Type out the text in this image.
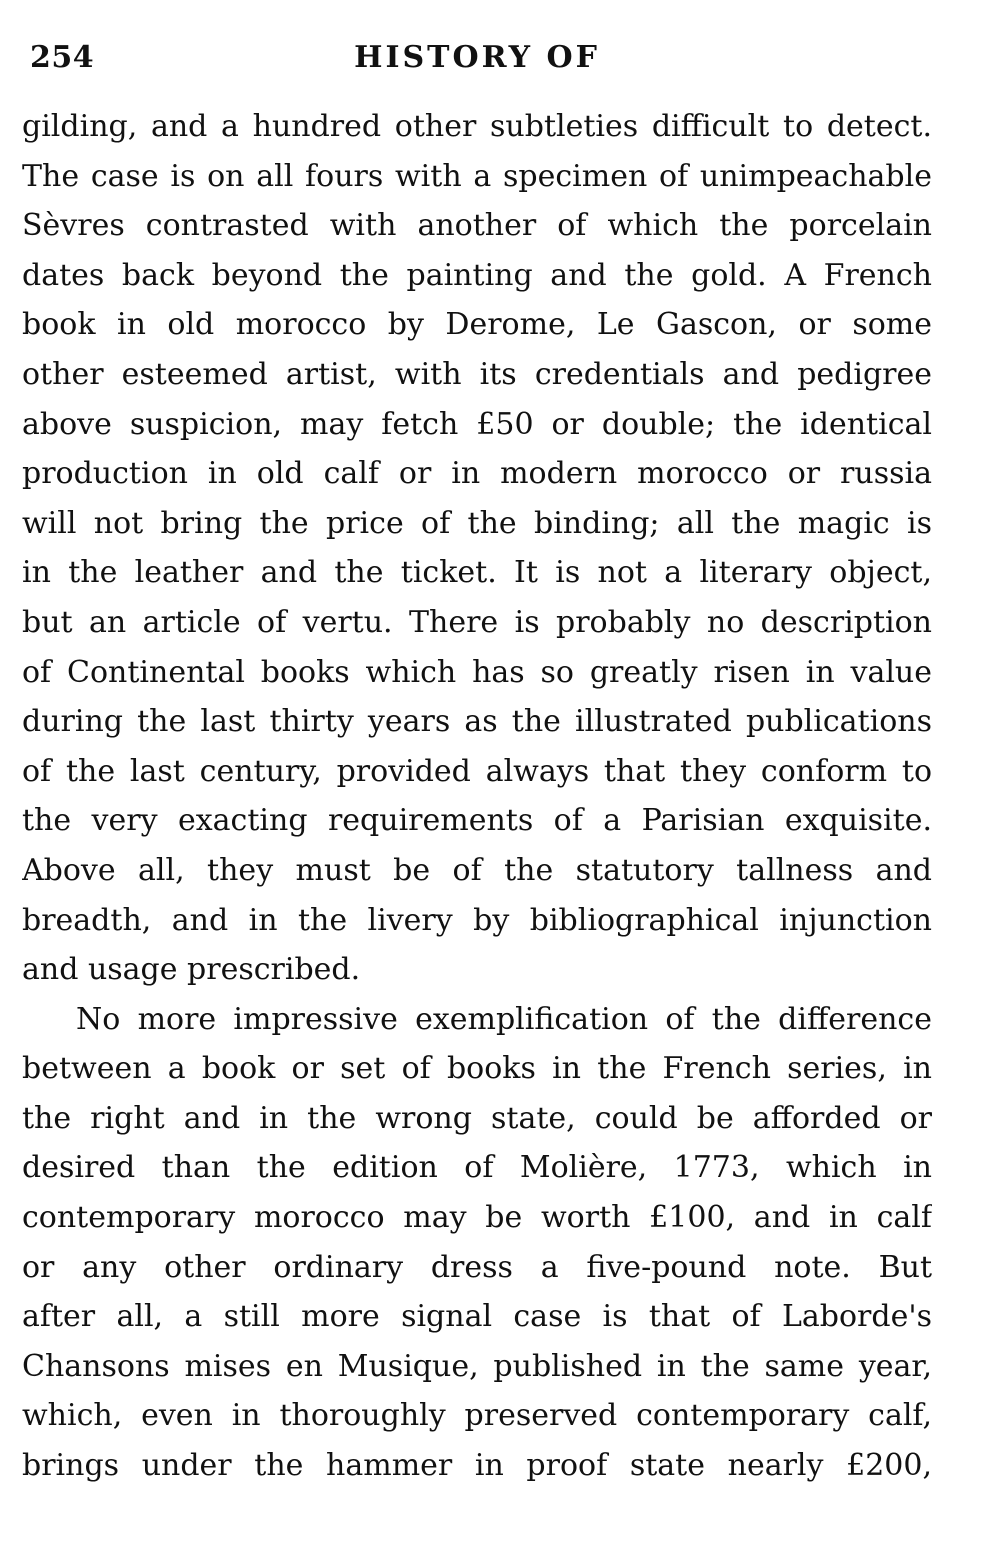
254	HISTORY OF
gilding, and a hundred other subtleties difficult to detect.
The case is on all fours with a specimen of unimpeachable
Sèvres contrasted with another of which the porcelain
dates back beyond the painting and the gold. A French
book in old morocco by Derome, Le Gascon, or some
other esteemed artist, with its credentials and pedigree
above suspicion, may fetch £50 or double; the identical
production in old calf or in modern morocco or russia
will not bring the price of the binding; all the magic is
in the leather and the ticket. It is not a literary object,
but an article of vertu. There is probably no description
of Continental books which has so greatly risen in value
during the last thirty years as the illustrated publications
of the last century, provided always that they conform to
the very exacting requirements of a Parisian exquisite.
Above all, they must be of the statutory tallness and
breadth, and in the livery by bibliographical injunction
and usage prescribed.
No more impressive exemplification of the difference
between a book or set of books in the French series, in
the right and in the wrong state, could be afforded or
desired than the edition of Molière, 1773, which in
contemporary morocco may be worth £100, and in calf
or any other ordinary dress a five-pound note. But
after all, a still more signal case is that of Laborde's
Chansons mises en Musique, published in the same year,
which, even in thoroughly preserved contemporary calf,
brings under the hammer in proof state nearly £200,
